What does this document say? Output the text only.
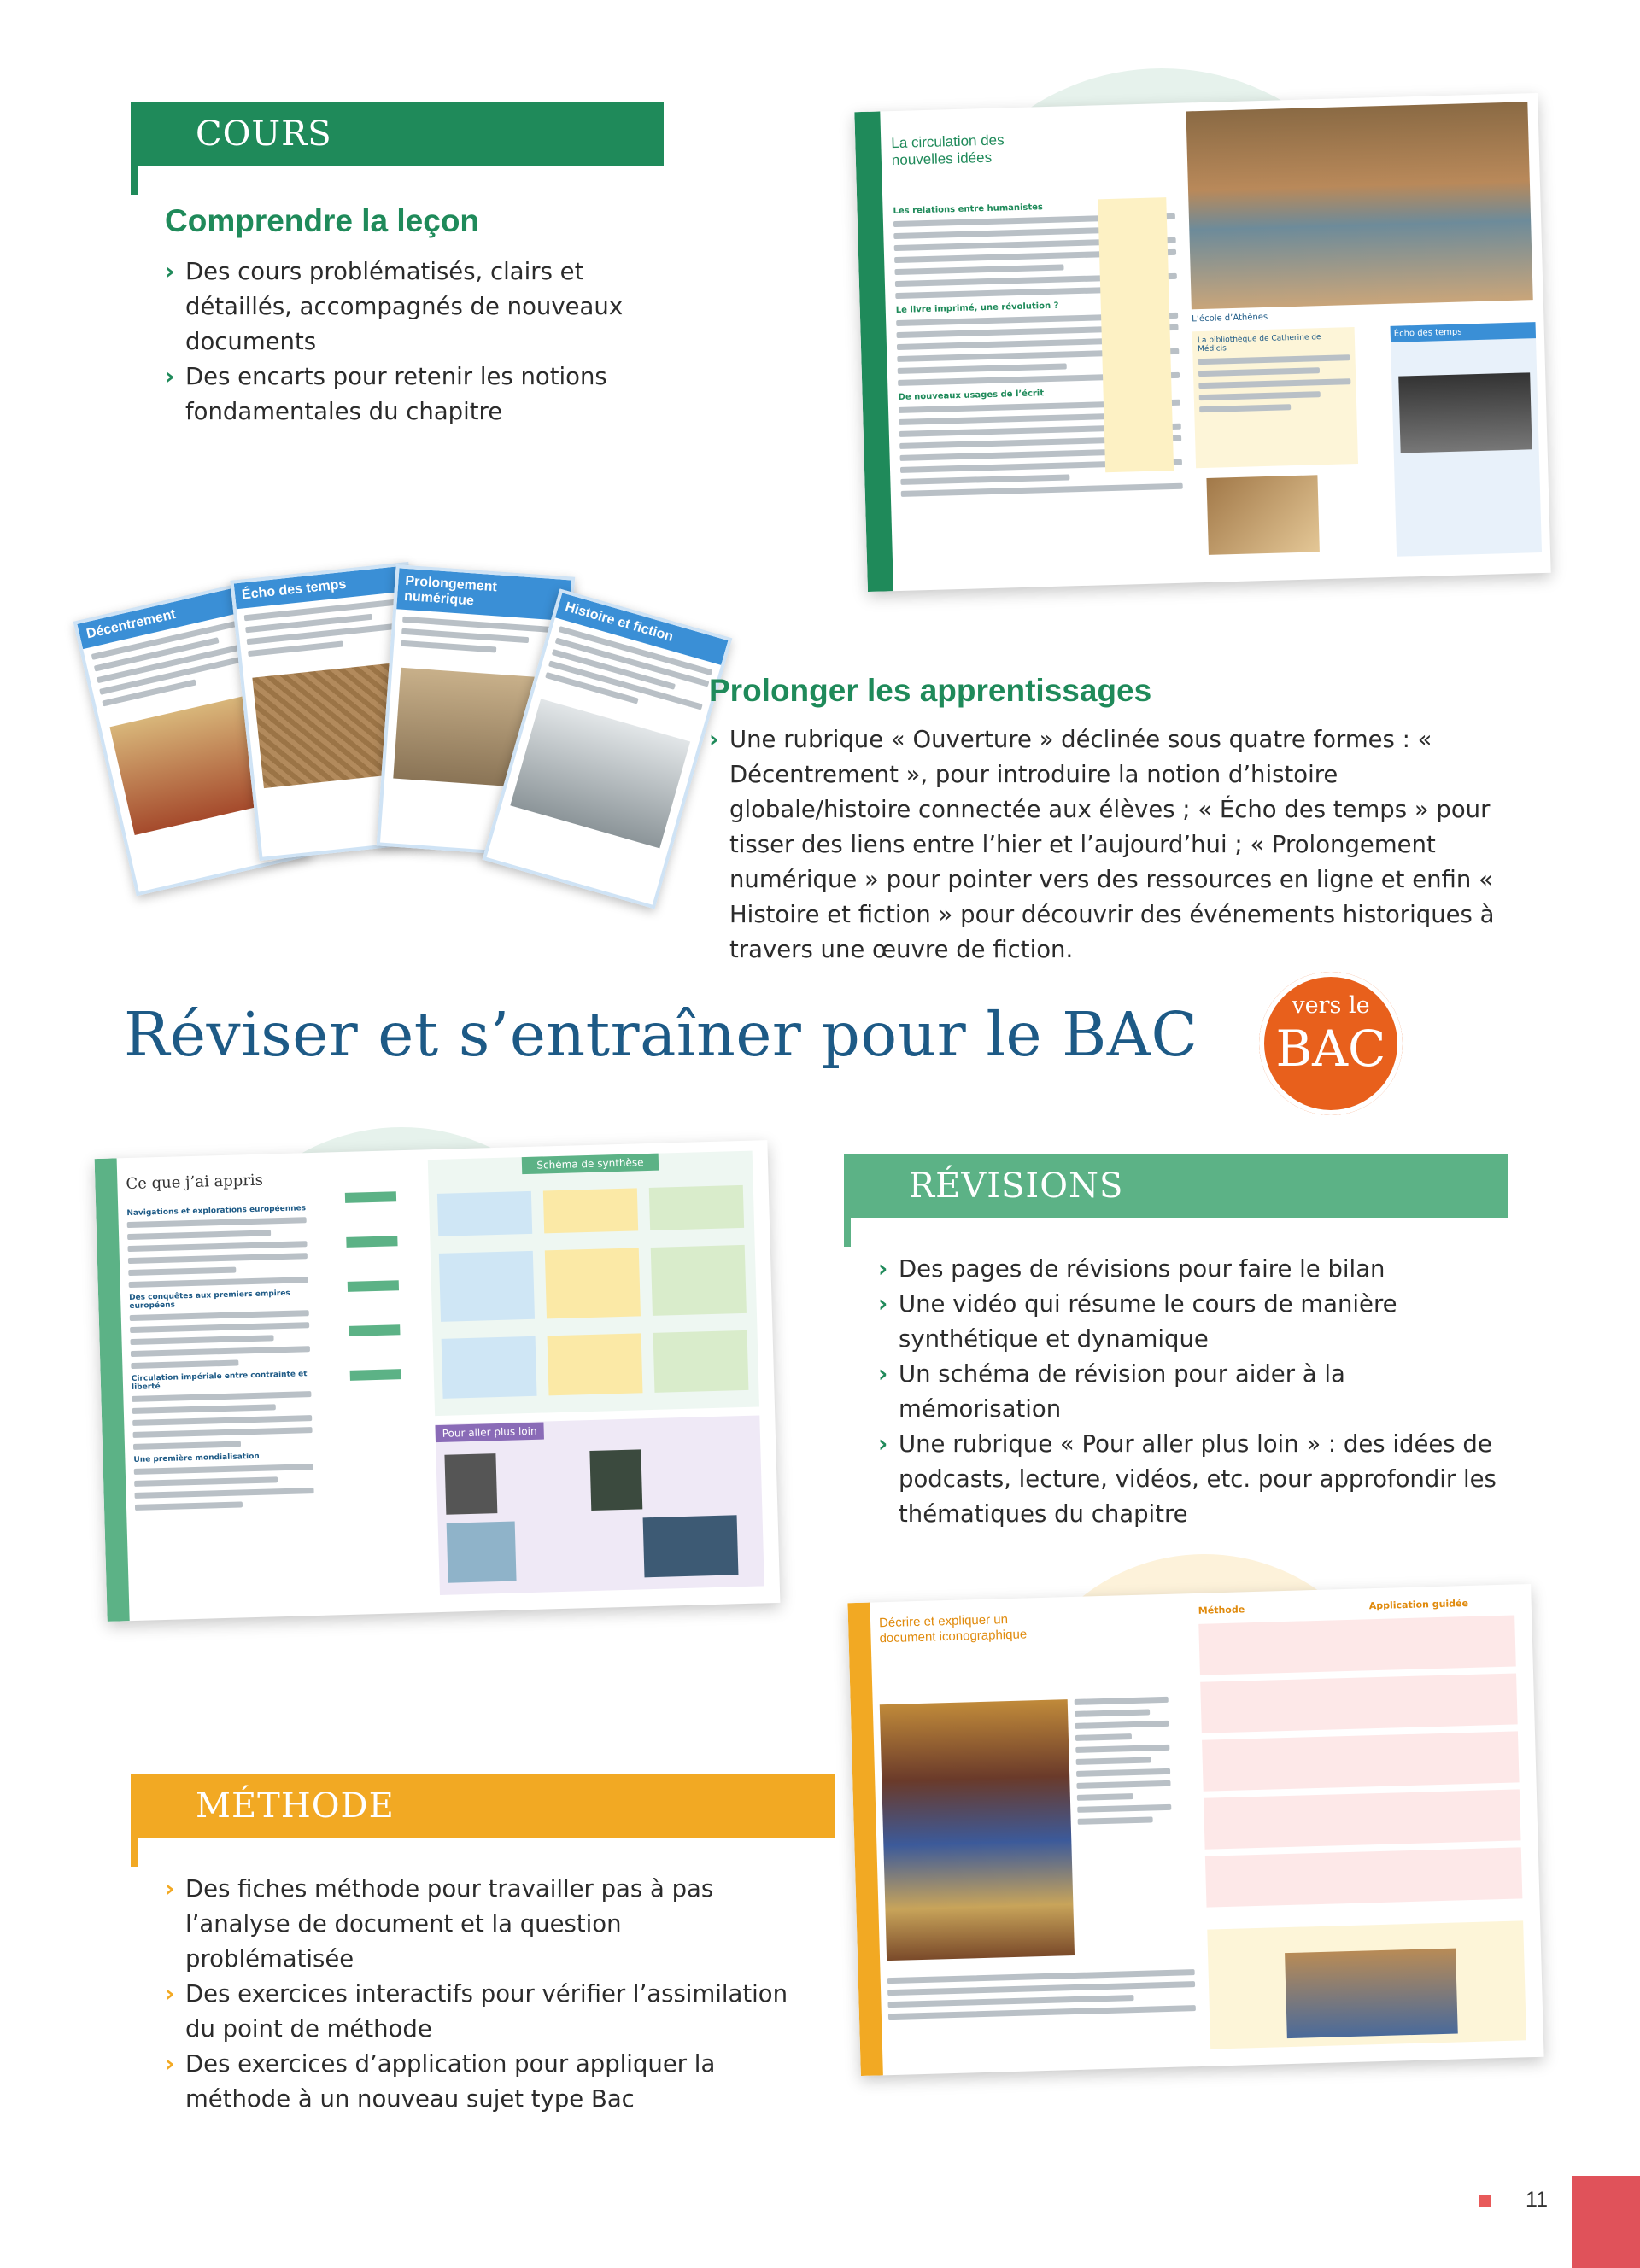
COURS
Comprendre la leçon
› Des cours problématisés, clairs et détaillés, accompagnés de nouveaux documents
› Des encarts pour retenir les notions fondamentales du chapitre
La circulation des nouvelles idées
Les relations entre humanistes
Le livre imprimé, une révolution ?
De nouveaux usages de l’écrit
L’école d’Athènes
La bibliothèque de Catherine de Médicis
Écho des temps
Décentrement
Écho des temps	Prolongement numérique
Histoire et fiction
Prolonger les apprentissages
› Une rubrique « Ouverture » déclinée sous quatre formes : « Décentrement », pour introduire la notion d’histoire globale/histoire connectée aux élèves ; « Écho des temps » pour tisser des liens entre l’hier et l’aujourd’hui ; « Prolongement numérique » pour pointer vers des ressources en ligne et enfin « Histoire et fiction » pour découvrir des événements historiques à travers une œuvre de fiction.
Réviser et s’entraîner pour le BAC	vers le
BAC
Ce que j’ai appris
Navigations et explorations européennes
Des conquêtes aux premiers empires européens
Circulation impériale entre contrainte et liberté
Une première mondialisation
Schéma de synthèse
Pour aller plus loin
RÉVISIONS
› Des pages de révisions pour faire le bilan
› Une vidéo qui résume le cours de manière synthétique et dynamique
› Un schéma de révision pour aider à la mémorisation
› Une rubrique « Pour aller plus loin » : des idées de podcasts, lecture, vidéos, etc. pour approfondir les thématiques du chapitre
MÉTHODE
› Des fiches méthode pour travailler pas à pas l’analyse de document et la question problématisée
› Des exercices interactifs pour vérifier l’assimilation du point de méthode
› Des exercices d’application pour appliquer la méthode à un nouveau sujet type Bac
Décrire et expliquer un document iconographique
Méthode	Application guidée
11
